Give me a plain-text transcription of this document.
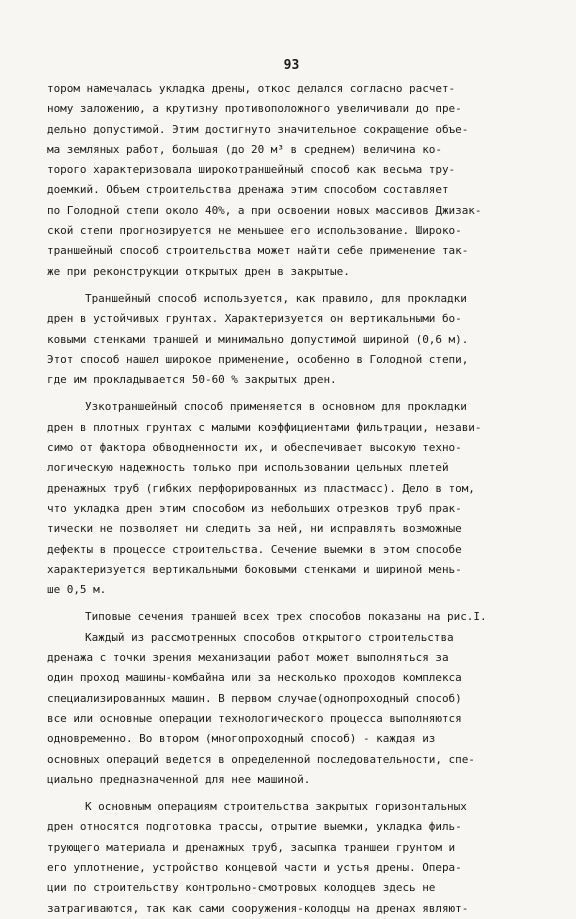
93
тором намечалась укладка дрены, откос делался согласно расчет-
ному заложению, а крутизну противоположного увеличивали до пре-
дельно допустимой. Этим достигнуто значительное сокращение объе-
ма земляных работ, большая (до 20 м³ в среднем) величина ко-
торого характеризовала широкотраншейный способ как весьма тру-
доемкий. Объем строительства дренажа этим способом составляет
по Голодной степи около 40%, а при освоении новых массивов Джизак-
ской степи прогнозируется не меньшее его использование. Широко-
траншейный способ строительства может найти себе применение так-
же при реконструкции открытых дрен в закрытые.
Траншейный способ используется, как правило, для прокладки
дрен в устойчивых грунтах. Характеризуется он вертикальными бо-
ковыми стенками траншей и минимально допустимой шириной (0,6 м).
Этот способ нашел широкое применение, особенно в Голодной степи,
где им прокладывается 50-60 % закрытых дрен.
Узкотраншейный способ применяется в основном для прокладки
дрен в плотных грунтах с малыми коэффициентами фильтрации, незави-
симо от фактора обводненности их, и обеспечивает высокую техно-
логическую надежность только при использовании цельных плетей
дренажных труб (гибких перфорированных из пластмасс). Дело в том,
что укладка дрен этим способом из небольших отрезков труб прак-
тически не позволяет ни следить за ней, ни исправлять возможные
дефекты в процессе строительства. Сечение выемки в этом способе
характеризуется вертикальными боковыми стенками и шириной мень-
ше 0,5 м.
Типовые сечения траншей всех трех способов показаны на рис.I.
Каждый из рассмотренных способов открытого строительства
дренажа с точки зрения механизации работ может выполняться за
один проход машины-комбайна или за несколько проходов комплекса
специализированных машин. В первом случае(однопроходный способ)
все или основные операции технологического процесса выполняются
одновременно. Во втором (многопроходный способ) - каждая из
основных операций ведется в определенной последовательности, спе-
циально предназначенной для нее машиной.
К основным операциям строительства закрытых горизонтальных
дрен относятся подготовка трассы, отрытие выемки, укладка филь-
трующего материала и дренажных труб, засыпка траншеи грунтом и
его уплотнение, устройство концевой части и устья дрены. Опера-
ции по строительству контрольно-смотровых колодцев здесь не
затрагиваются, так как сами сооружения-колодцы на дренах являют-
